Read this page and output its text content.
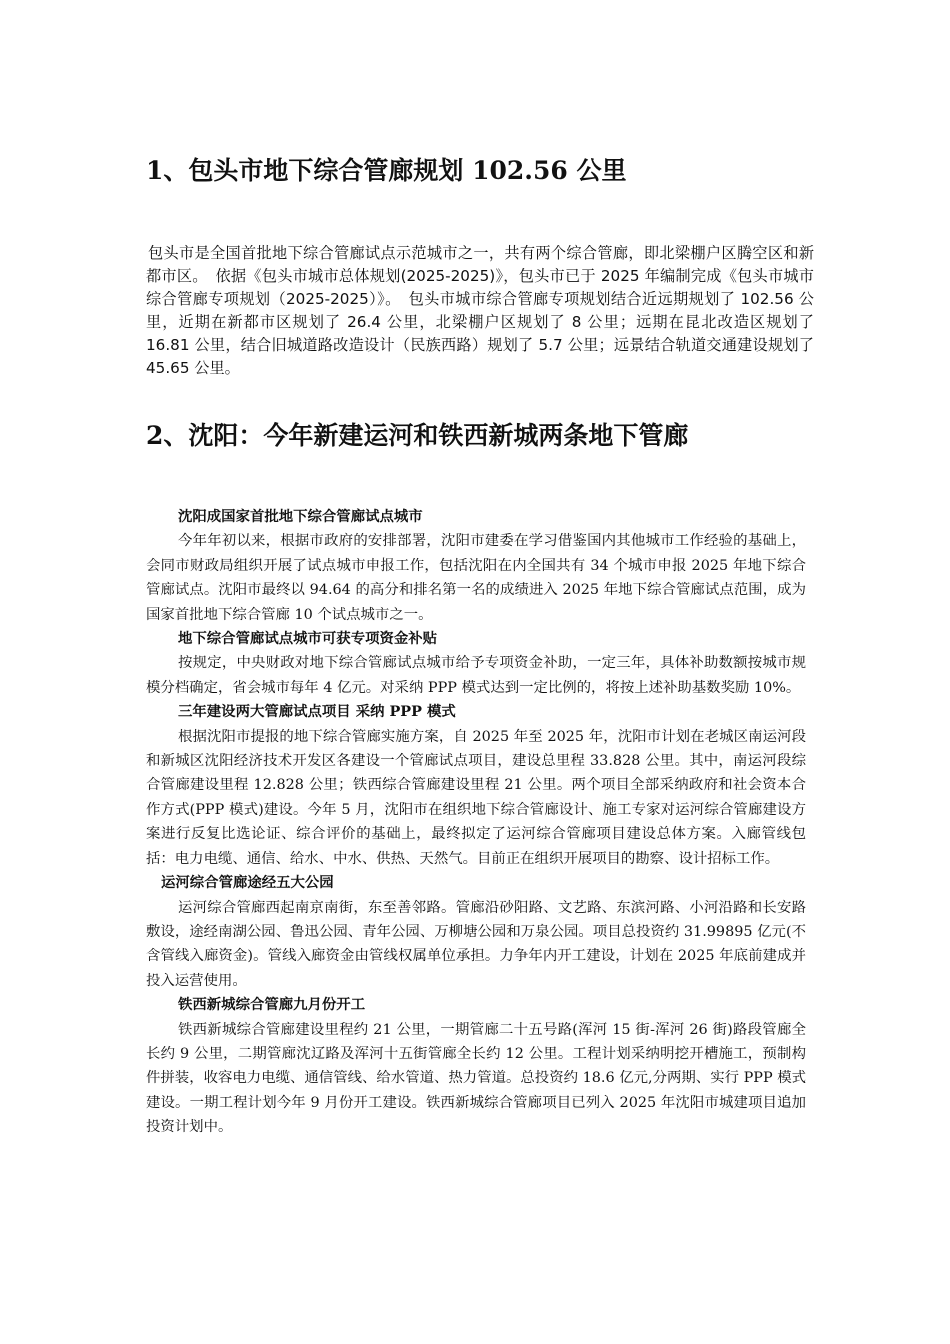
1、包头市地下综合管廊规划 102.56 公里
包头市是全国首批地下综合管廊试点示范城市之一，共有两个综合管廊，即北梁棚户区腾空区和新都市区。　依据《包头市城市总体规划(2025-2025)》，包头市已于 2025 年编制完成《包头市城市综合管廊专项规划（2025-2025）》。　包头市城市综合管廊专项规划结合近远期规划了 102.56 公里，近期在新都市区规划了 26.4 公里，北梁棚户区规划了 8 公里；远期在昆北改造区规划了 16.81 公里，结合旧城道路改造设计（民族西路）规划了 5.7 公里；远景结合轨道交通建设规划了 45.65 公里。
2、沈阳：今年新建运河和铁西新城两条地下管廊
沈阳成国家首批地下综合管廊试点城市
今年年初以来，根据市政府的安排部署，沈阳市建委在学习借鉴国内其他城市工作经验的基础上，会同市财政局组织开展了试点城市申报工作，包括沈阳在内全国共有 34 个城市申报 2025 年地下综合管廊试点。沈阳市最终以 94.64 的高分和排名第一名的成绩进入 2025 年地下综合管廊试点范围，成为国家首批地下综合管廊 10 个试点城市之一。
地下综合管廊试点城市可获专项资金补贴
按规定，中央财政对地下综合管廊试点城市给予专项资金补助，一定三年，具体补助数额按城市规模分档确定，省会城市每年 4 亿元。对采纳 PPP 模式达到一定比例的，将按上述补助基数奖励 10%。
三年建设两大管廊试点项目 采纳 PPP 模式
根据沈阳市提报的地下综合管廊实施方案，自 2025 年至 2025 年，沈阳市计划在老城区南运河段和新城区沈阳经济技术开发区各建设一个管廊试点项目，建设总里程 33.828 公里。其中，南运河段综合管廊建设里程 12.828 公里；铁西综合管廊建设里程 21 公里。两个项目全部采纳政府和社会资本合作方式(PPP 模式)建设。今年 5 月，沈阳市在组织地下综合管廊设计、施工专家对运河综合管廊建设方案进行反复比选论证、综合评价的基础上，最终拟定了运河综合管廊项目建设总体方案。入廊管线包括：电力电缆、通信、给水、中水、供热、天然气。目前正在组织开展项目的勘察、设计招标工作。
运河综合管廊途经五大公园
运河综合管廊西起南京南街，东至善邻路。管廊沿砂阳路、文艺路、东滨河路、小河沿路和长安路敷设，途经南湖公园、鲁迅公园、青年公园、万柳塘公园和万泉公园。项目总投资约 31.99895 亿元(不含管线入廊资金)。管线入廊资金由管线权属单位承担。力争年内开工建设，计划在 2025 年底前建成并投入运营使用。
铁西新城综合管廊九月份开工
铁西新城综合管廊建设里程约 21 公里，一期管廊二十五号路(浑河 15 街-浑河 26 街)路段管廊全长约 9 公里，二期管廊沈辽路及浑河十五街管廊全长约 12 公里。工程计划采纳明挖开槽施工，预制构件拼装，收容电力电缆、通信管线、给水管道、热力管道。总投资约 18.6 亿元,分两期、实行 PPP 模式建设。一期工程计划今年 9 月份开工建设。铁西新城综合管廊项目已列入 2025 年沈阳市城建项目追加投资计划中。
